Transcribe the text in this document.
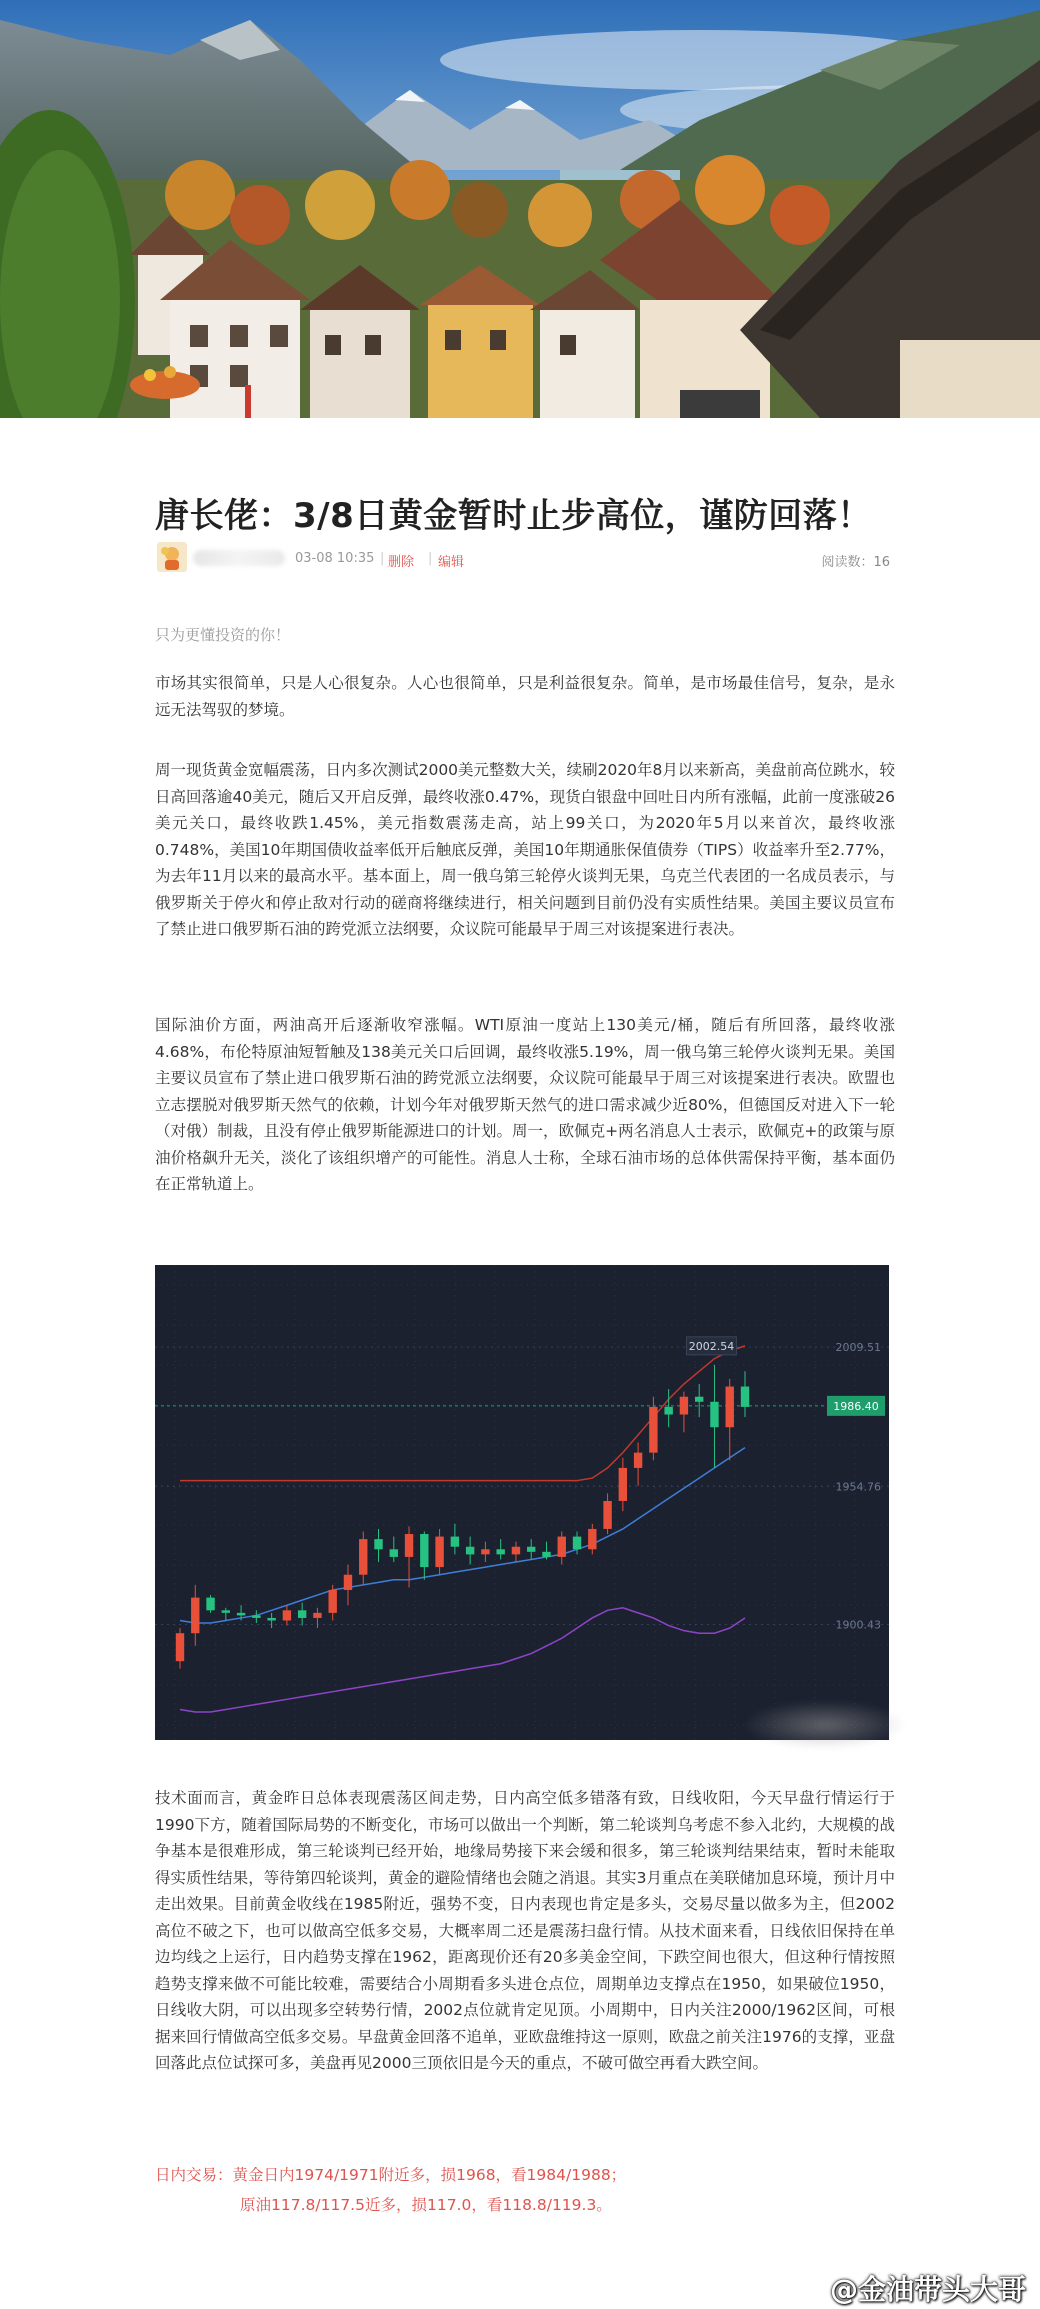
唐长佬：3/8日黄金暂时止步高位，谨防回落！
03-08 10:35 | 删除 | 编辑	阅读数：16
只为更懂投资的你！

市场其实很简单，只是人心很复杂。人心也很简单，只是利益很复杂。简单，是市场最佳信号，复杂，是永远无法驾驭的梦境。

周一现货黄金宽幅震荡，日内多次测试2000美元整数大关，续刷2020年8月以来新高，美盘前高位跳水，较日高回落逾40美元，随后又开启反弹，最终收涨0.47%，现货白银盘中回吐日内所有涨幅，此前一度涨破26美元关口，最终收跌1.45%，美元指数震荡走高，站上99关口，为2020年5月以来首次，最终收涨0.748%，美国10年期国债收益率低开后触底反弹，美国10年期通胀保值债券（TIPS）收益率升至2.77%，为去年11月以来的最高水平。基本面上，周一俄乌第三轮停火谈判无果，乌克兰代表团的一名成员表示，与俄罗斯关于停火和停止敌对行动的磋商将继续进行，相关问题到目前仍没有实质性结果。美国主要议员宣布了禁止进口俄罗斯石油的跨党派立法纲要，众议院可能最早于周三对该提案进行表决。

国际油价方面，两油高开后逐渐收窄涨幅。WTI原油一度站上130美元/桶，随后有所回落，最终收涨4.68%，布伦特原油短暂触及138美元关口后回调，最终收涨5.19%，周一俄乌第三轮停火谈判无果。美国主要议员宣布了禁止进口俄罗斯石油的跨党派立法纲要，众议院可能最早于周三对该提案进行表决。欧盟也立志摆脱对俄罗斯天然气的依赖，计划今年对俄罗斯天然气的进口需求减少近80%，但德国反对进入下一轮（对俄）制裁，且没有停止俄罗斯能源进口的计划。周一，欧佩克+两名消息人士表示，欧佩克+的政策与原油价格飙升无关，淡化了该组织增产的可能性。消息人士称，全球石油市场的总体供需保持平衡，基本面仍在正常轨道上。

2009.51
1954.76
1900.43
2002.54
1986.40

技术面而言，黄金昨日总体表现震荡区间走势，日内高空低多错落有致，日线收阳，今天早盘行情运行于1990下方，随着国际局势的不断变化，市场可以做出一个判断，第二轮谈判乌考虑不参入北约，大规模的战争基本是很难形成，第三轮谈判已经开始，地缘局势接下来会缓和很多，第三轮谈判结果结束，暂时未能取得实质性结果，等待第四轮谈判，黄金的避险情绪也会随之消退。其实3月重点在美联储加息环境，预计月中走出效果。目前黄金收线在1985附近，强势不变，日内表现也肯定是多头，交易尽量以做多为主，但2002高位不破之下，也可以做高空低多交易，大概率周二还是震荡扫盘行情。从技术面来看，日线依旧保持在单边均线之上运行，日内趋势支撑在1962，距离现价还有20多美金空间，下跌空间也很大，但这种行情按照趋势支撑来做不可能比较难，需要结合小周期看多头进仓点位，周期单边支撑点在1950，如果破位1950，日线收大阴，可以出现多空转势行情，2002点位就肯定见顶。小周期中，日内关注2000/1962区间，可根据来回行情做高空低多交易。早盘黄金回落不追单，亚欧盘维持这一原则，欧盘之前关注1976的支撑，亚盘回落此点位试探可多，美盘再见2000三顶依旧是今天的重点，不破可做空再看大跌空间。

日内交易：黄金日内1974/1971附近多，损1968，看1984/1988；
原油117.8/117.5近多，损117.0，看118.8/119.3。
@金油带头大哥
